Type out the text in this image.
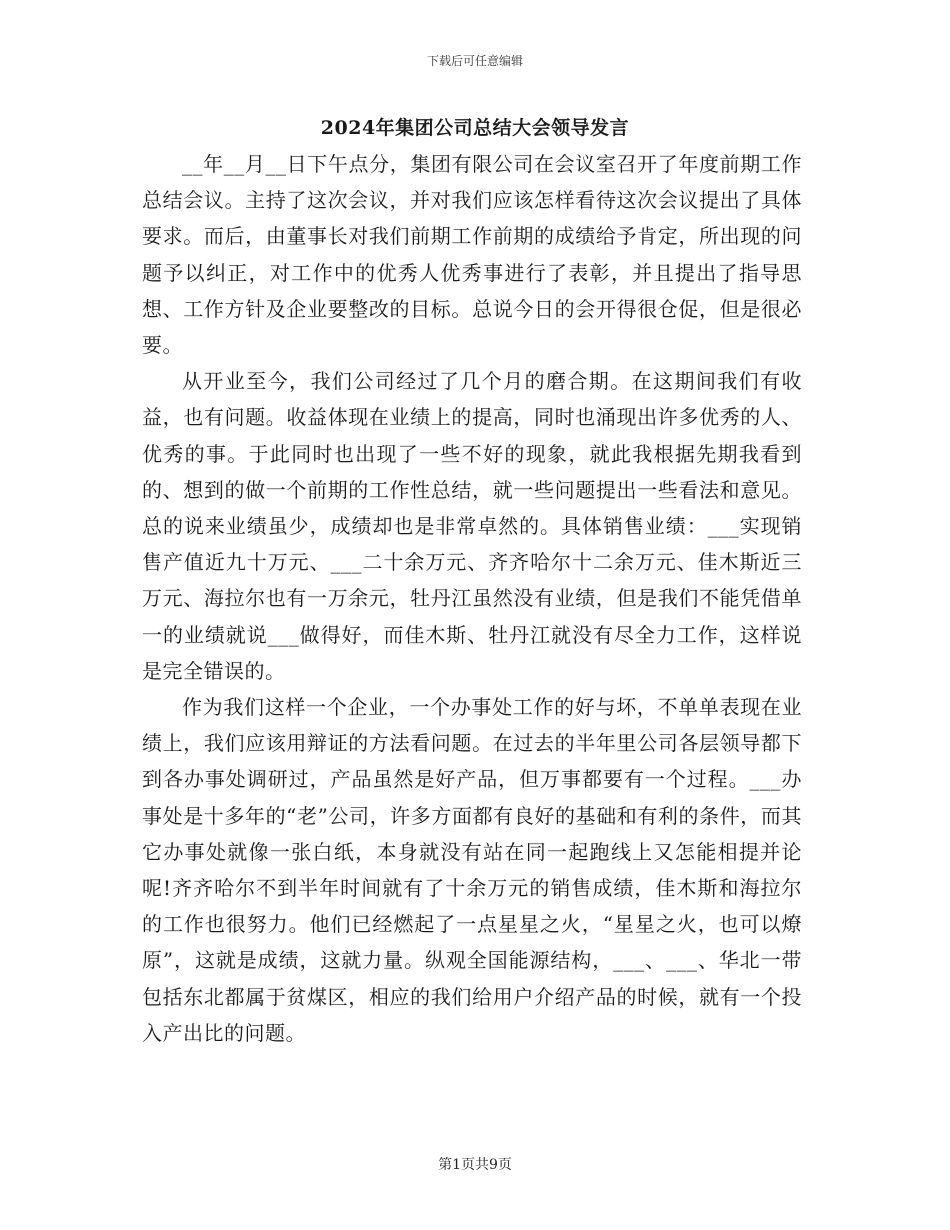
下载后可任意编辑
2024年集团公司总结大会领导发言

__年__月__日下午点分，集团有限公司在会议室召开了年度前期工作总结会议。主持了这次会议，并对我们应该怎样看待这次会议提出了具体要求。而后，由董事长对我们前期工作前期的成绩给予肯定，所出现的问题予以纠正，对工作中的优秀人优秀事进行了表彰，并且提出了指导思想、工作方针及企业要整改的目标。总说今日的会开得很仓促，但是很必要。

从开业至今，我们公司经过了几个月的磨合期。在这期间我们有收益，也有问题。收益体现在业绩上的提高，同时也涌现出许多优秀的人、优秀的事。于此同时也出现了一些不好的现象，就此我根据先期我看到的、想到的做一个前期的工作性总结，就一些问题提出一些看法和意见。总的说来业绩虽少，成绩却也是非常卓然的。具体销售业绩：___实现销售产值近九十万元、___二十余万元、齐齐哈尔十二余万元、佳木斯近三万元、海拉尔也有一万余元，牡丹江虽然没有业绩，但是我们不能凭借单一的业绩就说___做得好，而佳木斯、牡丹江就没有尽全力工作，这样说是完全错误的。

作为我们这样一个企业，一个办事处工作的好与坏，不单单表现在业绩上，我们应该用辩证的方法看问题。在过去的半年里公司各层领导都下到各办事处调研过，产品虽然是好产品，但万事都要有一个过程。___办事处是十多年的“老”公司，许多方面都有良好的基础和有利的条件，而其它办事处就像一张白纸，本身就没有站在同一起跑线上又怎能相提并论呢!齐齐哈尔不到半年时间就有了十余万元的销售成绩，佳木斯和海拉尔的工作也很努力。他们已经燃起了一点星星之火，“星星之火，也可以燎原”，这就是成绩，这就力量。纵观全国能源结构，___、___、华北一带包括东北都属于贫煤区，相应的我们给用户介绍产品的时候，就有一个投入产出比的问题。

第1页共9页
